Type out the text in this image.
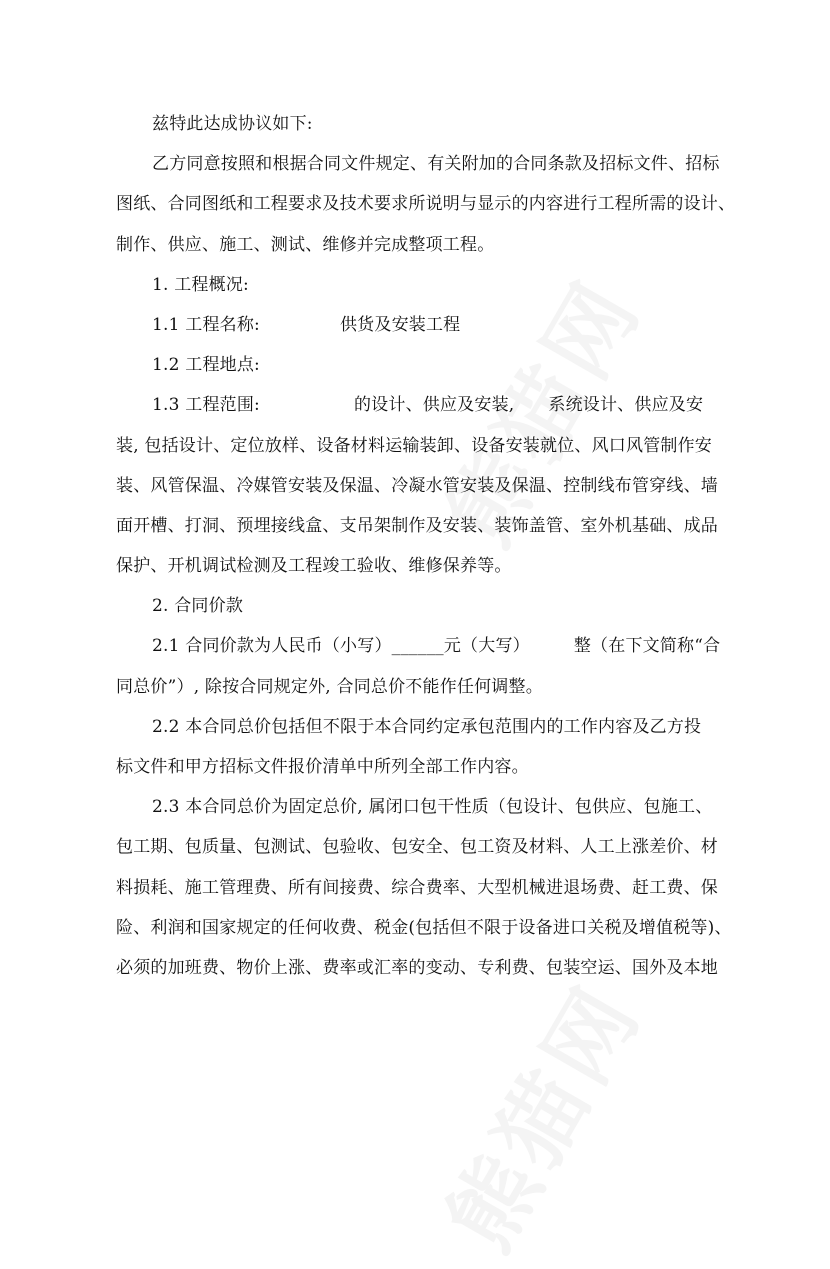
兹特此达成协议如下:
乙方同意按照和根据合同文件规定、有关附加的合同条款及招标文件、招标
图纸、合同图纸和工程要求及技术要求所说明与显示的内容进行工程所需的设计、
制作、供应、施工、测试、维修并完成整项工程。
1. 工程概况:
1.1 工程名称:	供货及安装工程
1.2 工程地点:
1.3 工程范围:	的设计、供应及安装, 系统设计、供应及安
装, 包括设计、定位放样、设备材料运输装卸、设备安装就位、风口风管制作安
装、风管保温、冷媒管安装及保温、冷凝水管安装及保温、控制线布管穿线、墙
面开槽、打洞、预埋接线盒、支吊架制作及安装、装饰盖管、室外机基础、成品
保护、开机调试检测及工程竣工验收、维修保养等。
2. 合同价款
2.1 合同价款为人民币（小写）______元（大写）	整（在下文简称“合
同总价”）, 除按合同规定外, 合同总价不能作任何调整。
2.2 本合同总价包括但不限于本合同约定承包范围内的工作内容及乙方投
标文件和甲方招标文件报价清单中所列全部工作内容。
2.3 本合同总价为固定总价, 属闭口包干性质（包设计、包供应、包施工、
包工期、包质量、包测试、包验收、包安全、包工资及材料、人工上涨差价、材
料损耗、施工管理费、所有间接费、综合费率、大型机械进退场费、赶工费、保
险、利润和国家规定的任何收费、税金(包括但不限于设备进口关税及增值税等)、
必须的加班费、物价上涨、费率或汇率的变动、专利费、包装空运、国外及本地
